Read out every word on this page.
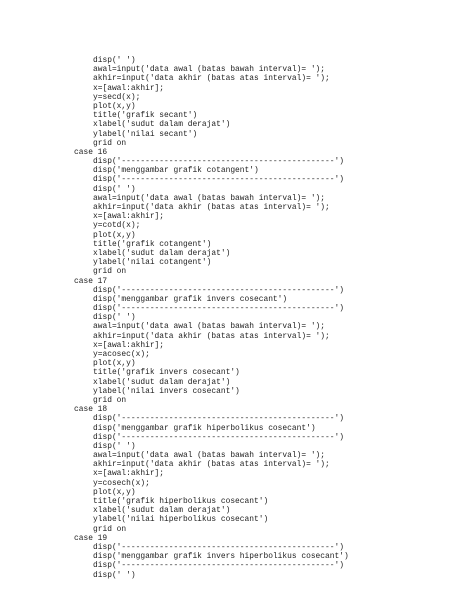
disp(' ')
awal=input('data awal (batas bawah interval)= ');
akhir=input('data akhir (batas atas interval)= ');
x=[awal:akhir];
y=secd(x);
plot(x,y)
title('grafik secant')
xlabel('sudut dalam derajat')
ylabel('nilai secant')
grid on
case 16
disp('---------------------------------------------')
disp('menggambar grafik cotangent')
disp('---------------------------------------------')
disp(' ')
awal=input('data awal (batas bawah interval)= ');
akhir=input('data akhir (batas atas interval)= ');
x=[awal:akhir];
y=cotd(x);
plot(x,y)
title('grafik cotangent')
xlabel('sudut dalam derajat')
ylabel('nilai cotangent')
grid on
case 17
disp('---------------------------------------------')
disp('menggambar grafik invers cosecant')
disp('---------------------------------------------')
disp(' ')
awal=input('data awal (batas bawah interval)= ');
akhir=input('data akhir (batas atas interval)= ');
x=[awal:akhir];
y=acosec(x);
plot(x,y)
title('grafik invers cosecant')
xlabel('sudut dalam derajat')
ylabel('nilai invers cosecant')
grid on
case 18
disp('---------------------------------------------')
disp('menggambar grafik hiperbolikus cosecant')
disp('---------------------------------------------')
disp(' ')
awal=input('data awal (batas bawah interval)= ');
akhir=input('data akhir (batas atas interval)= ');
x=[awal:akhir];
y=cosech(x);
plot(x,y)
title('grafik hiperbolikus cosecant')
xlabel('sudut dalam derajat')
ylabel('nilai hiperbolikus cosecant')
grid on
case 19
disp('---------------------------------------------')
disp('menggambar grafik invers hiperbolikus cosecant')
disp('---------------------------------------------')
disp(' ')
